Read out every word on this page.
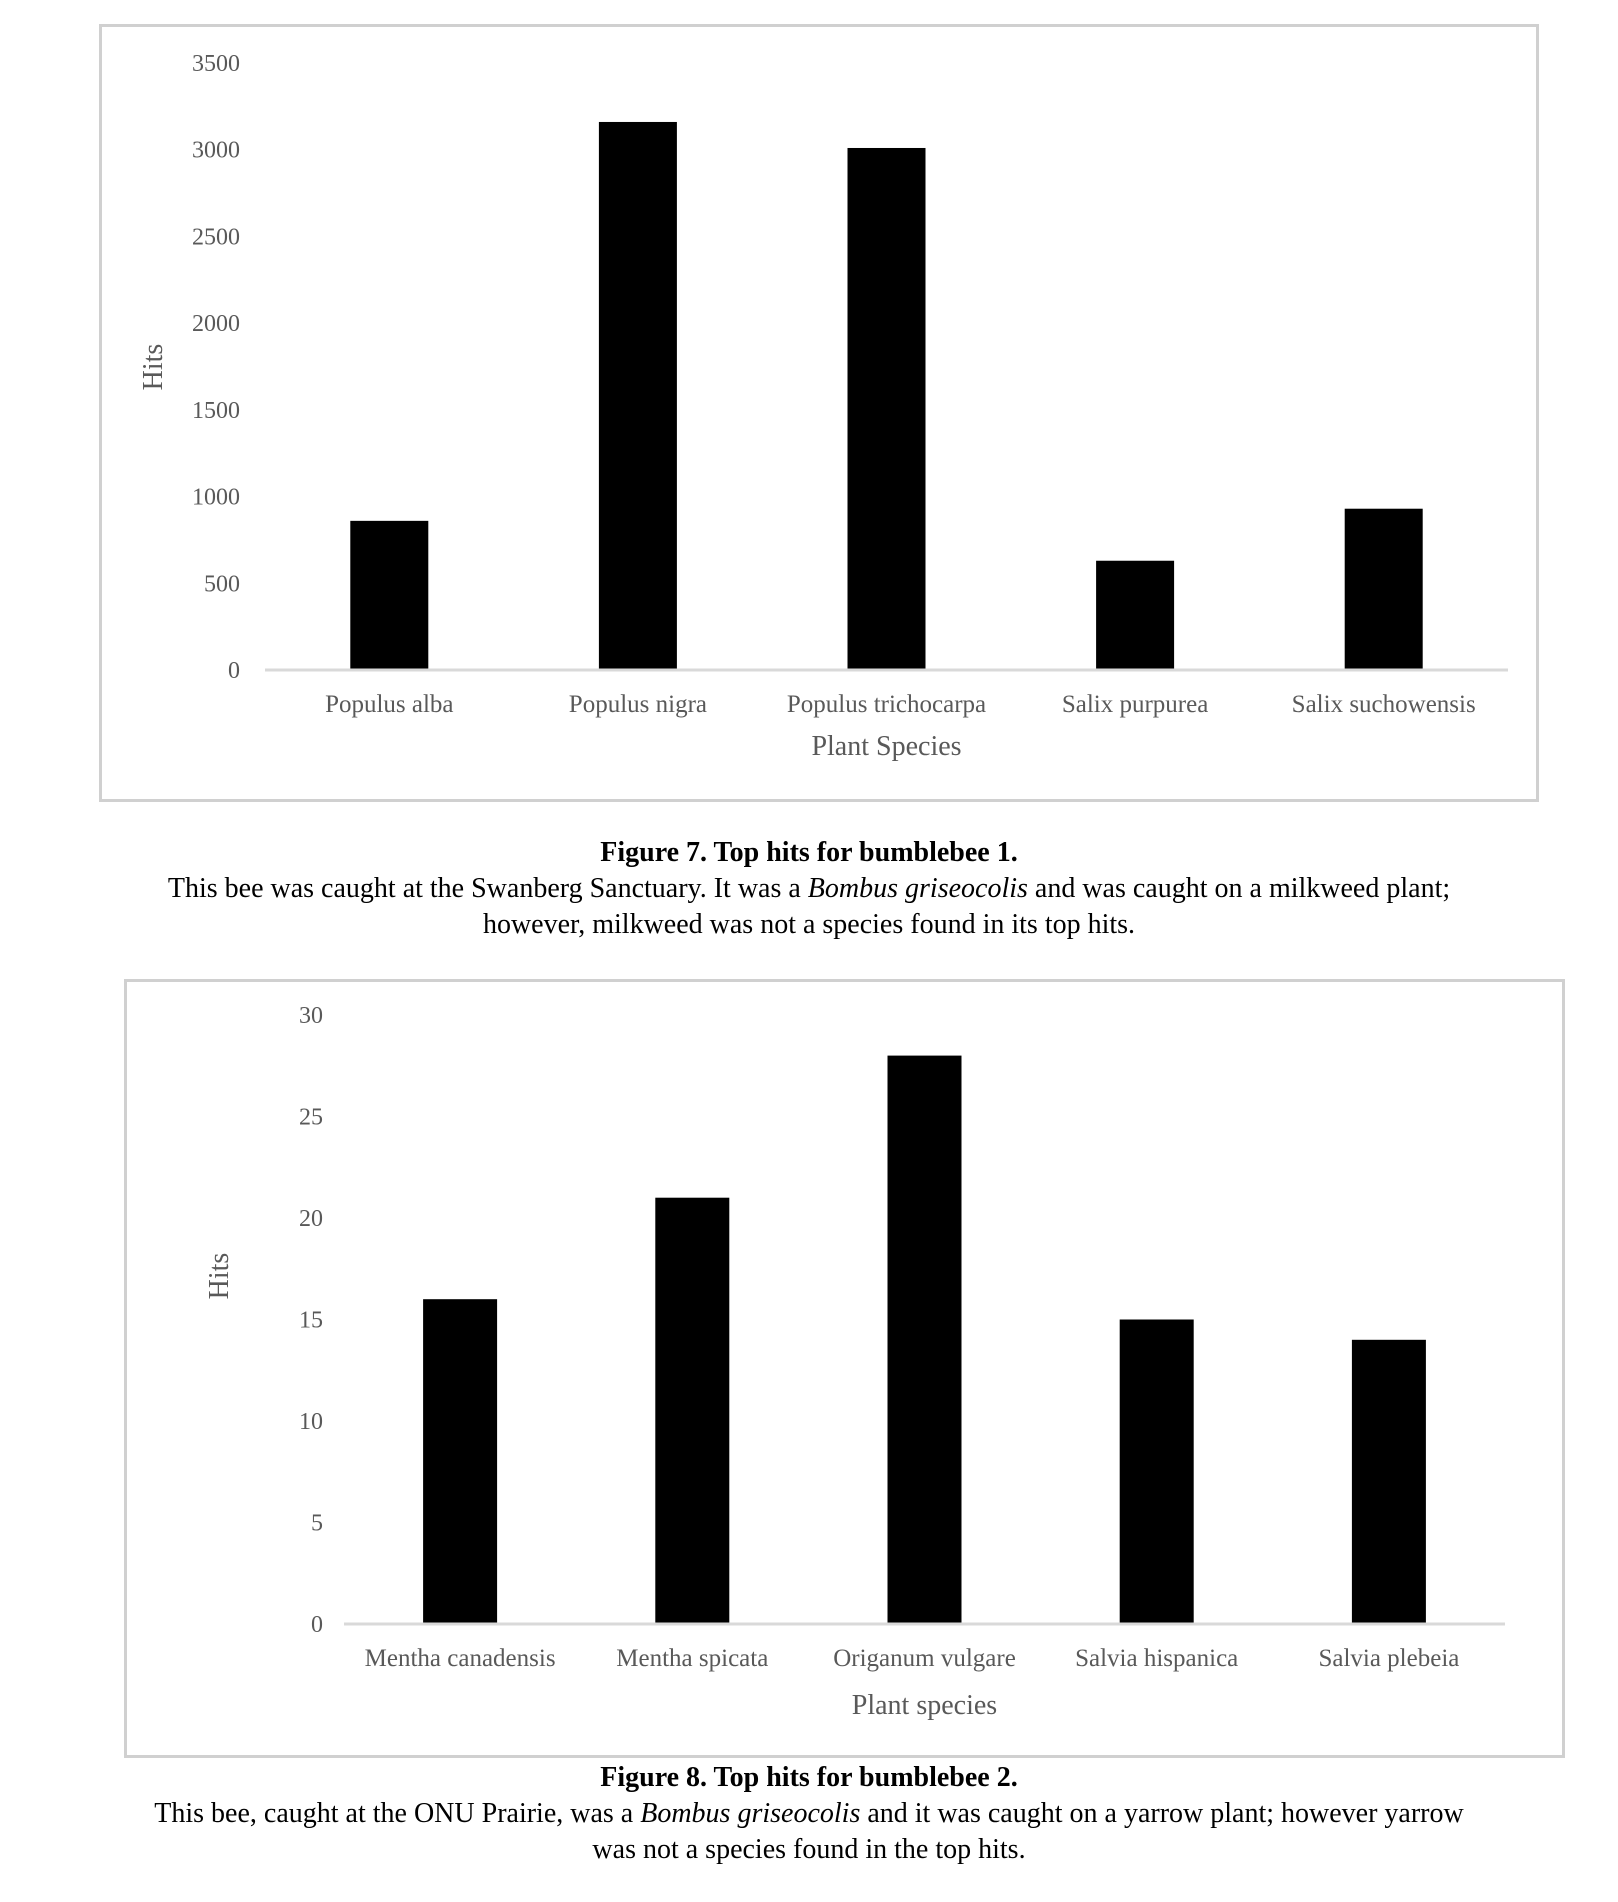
0
500
1000
1500
2000
2500
3000
3500
Hits
Populus alba	Populus nigra	Populus trichocarpa	Salix purpurea	Salix suchowensis
Plant Species
Figure 7. Top hits for bumblebee 1.
This bee was caught at the Swanberg Sanctuary. It was a Bombus griseocolis and was caught on a milkweed plant;
however, milkweed was not a species found in its top hits.
0
5
10
15
20
25
30
Hits
Mentha canadensis Mentha spicata	Origanum vulgare Salvia hispanica	Salvia plebeia
Plant species
Figure 8. Top hits for bumblebee 2.
This bee, caught at the ONU Prairie, was a Bombus griseocolis and it was caught on a yarrow plant; however yarrow
was not a species found in the top hits.
